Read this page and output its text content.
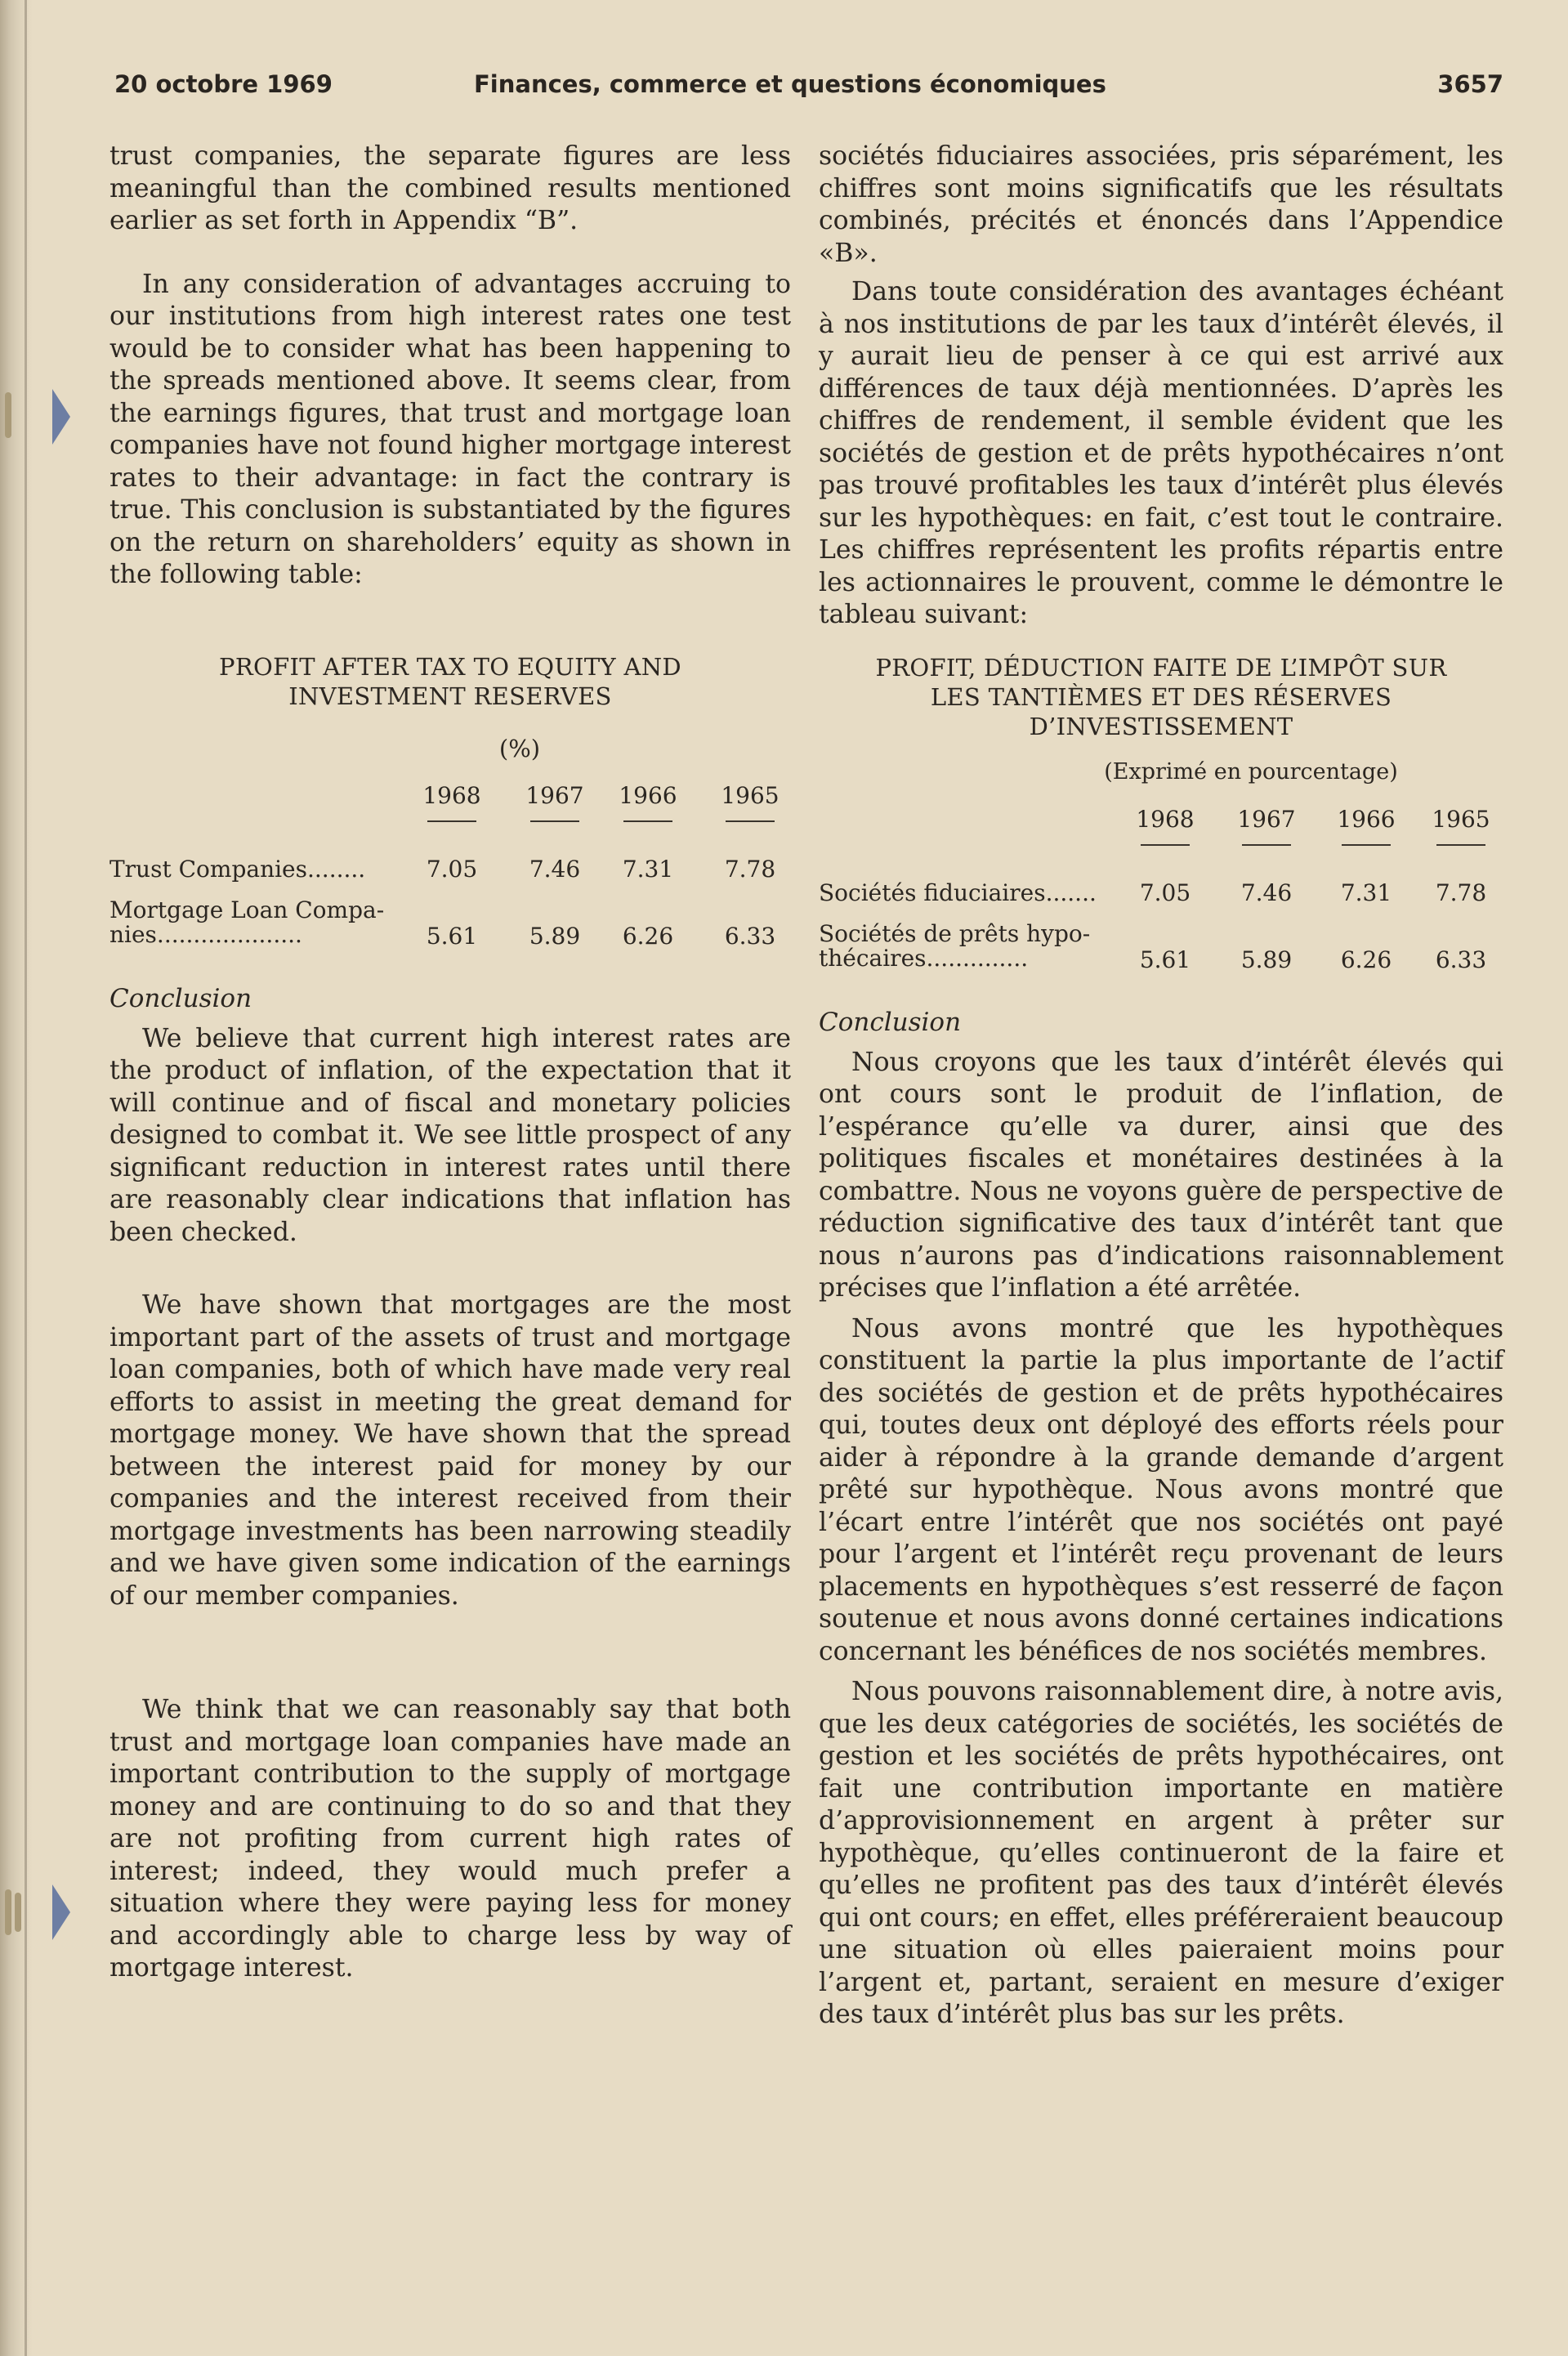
20 octobre 1969	Finances, commerce et questions économiques	3657

trust companies, the separate figures are less meaningful than the combined results mentioned earlier as set forth in Appendix “B”.

In any consideration of advantages accruing to our institutions from high interest rates one test would be to consider what has been happening to the spreads mentioned above. It seems clear, from the earnings figures, that trust and mortgage loan companies have not found higher mortgage interest rates to their advantage: in fact the contrary is true. This conclusion is substantiated by the figures on the return on shareholders’ equity as shown in the following table:

PROFIT AFTER TAX TO EQUITY AND
INVESTMENT RESERVES

(%)
1968 1967 1966 1965
Trust Companies........	7.05	7.46	7.31	7.78
Mortgage Loan Compa-
nies....................	5.61	5.89	6.26	6.33

Conclusion

We believe that current high interest rates are the product of inflation, of the expectation that it will continue and of fiscal and monetary policies designed to combat it. We see little prospect of any significant reduction in interest rates until there are reasonably clear indications that inflation has been checked.

We have shown that mortgages are the most important part of the assets of trust and mortgage loan companies, both of which have made very real efforts to assist in meeting the great demand for mortgage money. We have shown that the spread between the interest paid for money by our companies and the interest received from their mortgage investments has been narrowing steadily and we have given some indication of the earnings of our member companies.

We think that we can reasonably say that both trust and mortgage loan companies have made an important contribution to the supply of mortgage money and are continuing to do so and that they are not profiting from current high rates of interest; indeed, they would much prefer a situation where they were paying less for money and accordingly able to charge less by way of mortgage interest.

sociétés fiduciaires associées, pris séparément, les chiffres sont moins significatifs que les résultats combinés, précités et énoncés dans l’Appendice «B».

Dans toute considération des avantages échéant à nos institutions de par les taux d’intérêt élevés, il y aurait lieu de penser à ce qui est arrivé aux différences de taux déjà mentionnées. D’après les chiffres de rendement, il semble évident que les sociétés de gestion et de prêts hypothécaires n’ont pas trouvé profitables les taux d’intérêt plus élevés sur les hypothèques: en fait, c’est tout le contraire. Les chiffres représentent les profits répartis entre les actionnaires le prouvent, comme le démontre le tableau suivant:

PROFIT, DÉDUCTION FAITE DE L’IMPÔT SUR
LES TANTIÈMES ET DES RÉSERVES
D’INVESTISSEMENT

(Exprimé en pourcentage)
1968 1967 1966 1965
Sociétés fiduciaires.......	7.05	7.46	7.31	7.78
Sociétés de prêts hypo-
thécaires..............	5.61	5.89	6.26	6.33

Conclusion

Nous croyons que les taux d’intérêt élevés qui ont cours sont le produit de l’inflation, de l’espérance qu’elle va durer, ainsi que des politiques fiscales et monétaires destinées à la combattre. Nous ne voyons guère de perspective de réduction significative des taux d’intérêt tant que nous n’aurons pas d’indications raisonnablement précises que l’inflation a été arrêtée.

Nous avons montré que les hypothèques constituent la partie la plus importante de l’actif des sociétés de gestion et de prêts hypothécaires qui, toutes deux ont déployé des efforts réels pour aider à répondre à la grande demande d’argent prêté sur hypothèque. Nous avons montré que l’écart entre l’intérêt que nos sociétés ont payé pour l’argent et l’intérêt reçu provenant de leurs placements en hypothèques s’est resserré de façon soutenue et nous avons donné certaines indications concernant les bénéfices de nos sociétés membres.

Nous pouvons raisonnablement dire, à notre avis, que les deux catégories de sociétés, les sociétés de gestion et les sociétés de prêts hypothécaires, ont fait une contribution importante en matière d’approvisionnement en argent à prêter sur hypothèque, qu’elles continueront de la faire et qu’elles ne profitent pas des taux d’intérêt élevés qui ont cours; en effet, elles préféreraient beaucoup une situation où elles paieraient moins pour l’argent et, partant, seraient en mesure d’exiger des taux d’intérêt plus bas sur les prêts.
